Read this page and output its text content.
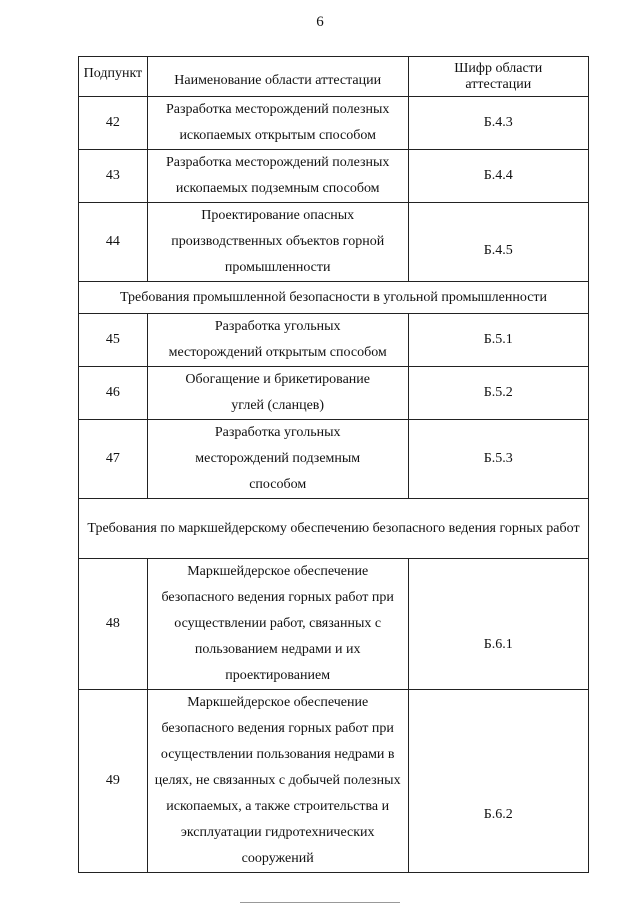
6
Подпункт	Наименование области аттестации	Шифр области аттестации
42	Разработка месторождений полезных ископаемых открытым способом	Б.4.3
43	Разработка месторождений полезных ископаемых подземным способом	Б.4.4
44	Проектирование опасных производственных объектов горной промышленности	Б.4.5
Требования промышленной безопасности в угольной промышленности		
45	Разработка угольных месторождений открытым способом	Б.5.1
46	Обогащение и брикетирование углей (сланцев)	Б.5.2
47	Разработка угольных месторождений подземным способом	Б.5.3
Требования по маркшейдерскому обеспечению безопасного ведения горных работ		
48	Маркшейдерское обеспечение безопасного ведения горных работ при осуществлении работ, связанных с пользованием недрами и их проектированием	Б.6.1
49	Маркшейдерское обеспечение безопасного ведения горных работ при осуществлении пользования недрами в целях, не связанных с добычей полезных ископаемых, а также строительства и эксплуатации гидротехнических сооружений	Б.6.2
